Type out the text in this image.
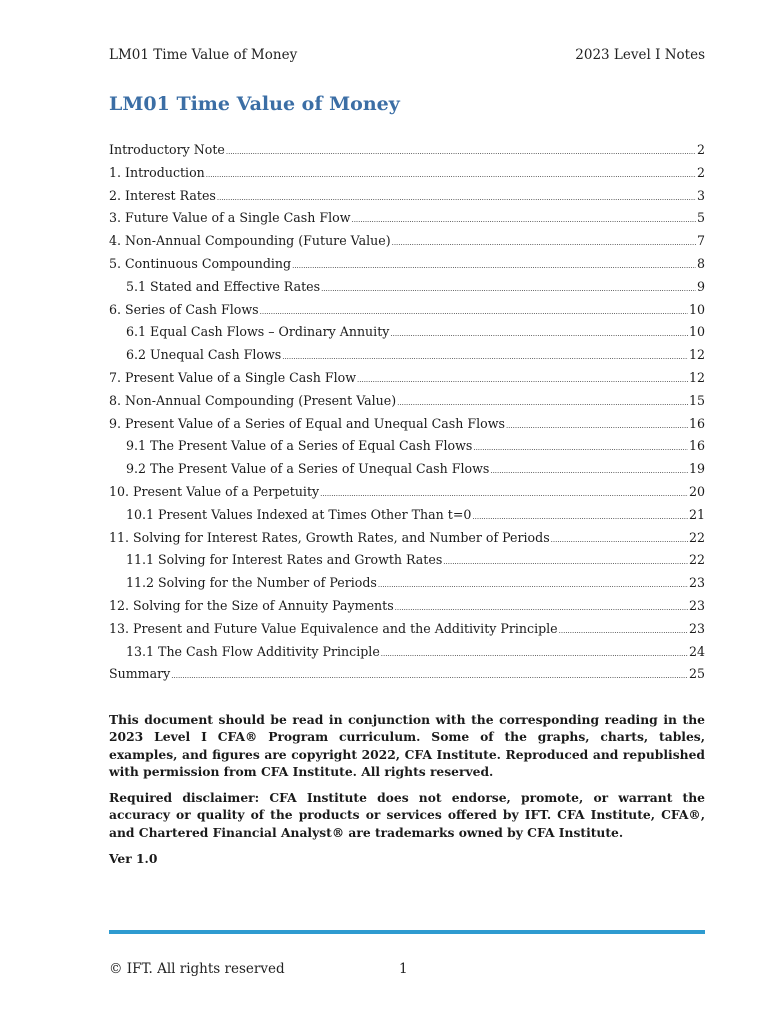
LM01 Time Value of Money	2023 Level I Notes
LM01 Time Value of Money
Introductory Note .....	2
1. Introduction .....	2
2. Interest Rates .....	3
3. Future Value of a Single Cash Flow .....	5
4. Non-Annual Compounding (Future Value) .....	7
5. Continuous Compounding .....	8
5.1 Stated and Effective Rates .....	9
6. Series of Cash Flows .....	10
6.1 Equal Cash Flows – Ordinary Annuity .....	10
6.2 Unequal Cash Flows .....	12
7. Present Value of a Single Cash Flow .....	12
8. Non-Annual Compounding (Present Value) .....	15
9. Present Value of a Series of Equal and Unequal Cash Flows .....	16
9.1 The Present Value of a Series of Equal Cash Flows .....	16
9.2 The Present Value of a Series of Unequal Cash Flows .....	19
10. Present Value of a Perpetuity .....	20
10.1 Present Values Indexed at Times Other Than t=0 .....	21
11. Solving for Interest Rates, Growth Rates, and Number of Periods .....	22
11.1 Solving for Interest Rates and Growth Rates .....	22
11.2 Solving for the Number of Periods .....	23
12. Solving for the Size of Annuity Payments .....	23
13. Present and Future Value Equivalence and the Additivity Principle .....	23
13.1 The Cash Flow Additivity Principle .....	24
Summary .....	25

This document should be read in conjunction with the corresponding reading in the 2023 Level I CFA® Program curriculum. Some of the graphs, charts, tables, examples, and figures are copyright 2022, CFA Institute. Reproduced and republished with permission from CFA Institute. All rights reserved.

Required disclaimer: CFA Institute does not endorse, promote, or warrant the accuracy or quality of the products or services offered by IFT. CFA Institute, CFA®, and Chartered Financial Analyst® are trademarks owned by CFA Institute.

Ver 1.0

© IFT. All rights reserved	1
